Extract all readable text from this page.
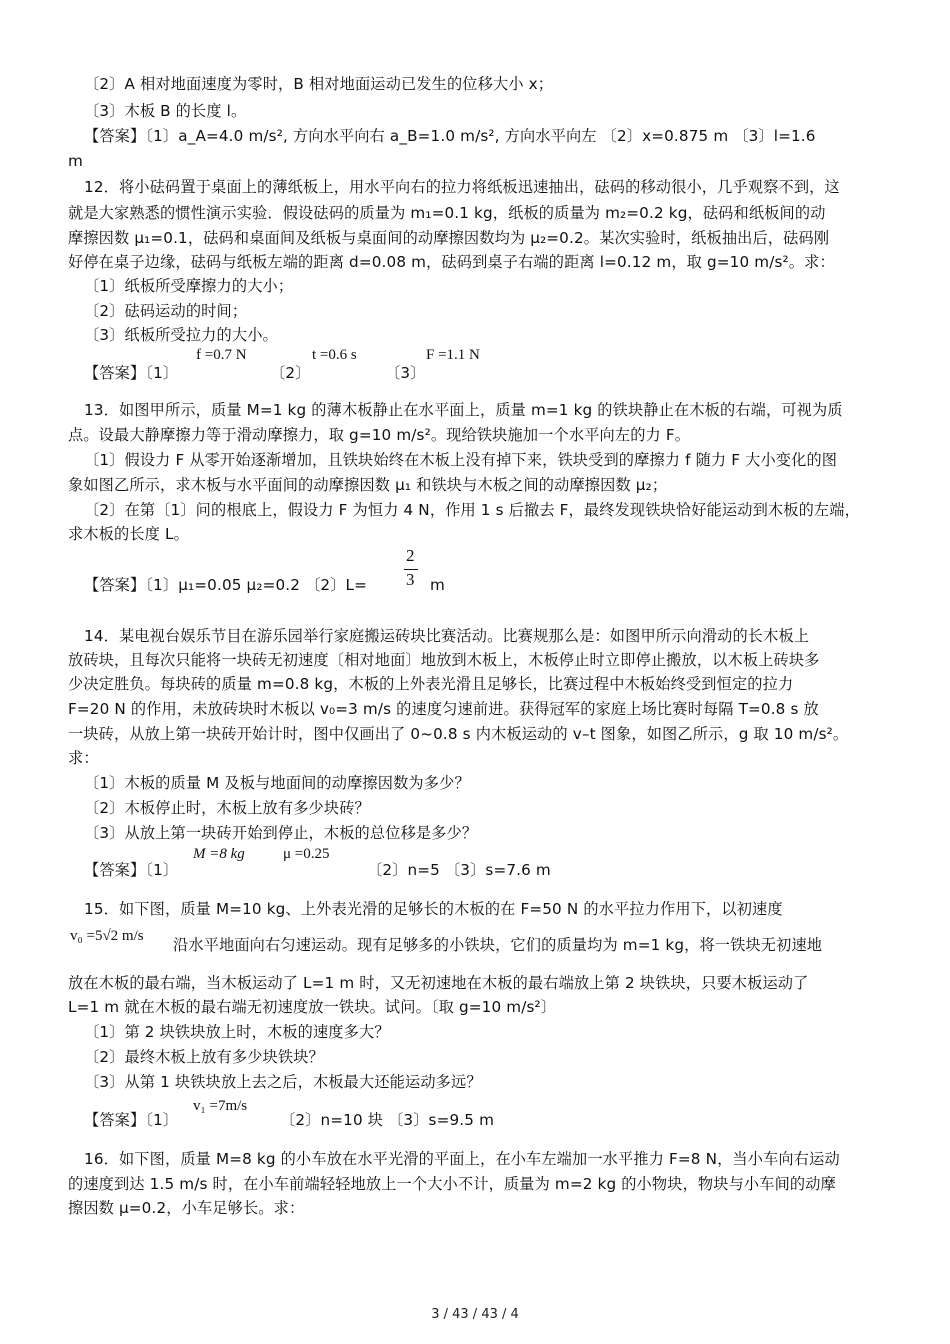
〔2〕A 相对地面速度为零时，B 相对地面运动已发生的位移大小 x；
〔3〕木板 B 的长度 l。
【答案】〔1〕a_A=4.0 m/s², 方向水平向右 a_B=1.0 m/s², 方向水平向左 〔2〕x=0.875 m 〔3〕l=1.6
m
12．将小砝码置于桌面上的薄纸板上，用水平向右的拉力将纸板迅速抽出，砝码的移动很小，几乎观察不到，这
就是大家熟悉的惯性演示实验．假设砝码的质量为 m₁=0.1 kg，纸板的质量为 m₂=0.2 kg，砝码和纸板间的动
摩擦因数 μ₁=0.1，砝码和桌面间及纸板与桌面间的动摩擦因数均为 μ₂=0.2。某次实验时，纸板抽出后，砝码刚
好停在桌子边缘，砝码与纸板左端的距离 d=0.08 m，砝码到桌子右端的距离 l=0.12 m，取 g=10 m/s²。求：
〔1〕纸板所受摩擦力的大小；
〔2〕砝码运动的时间；
〔3〕纸板所受拉力的大小。
【答案】〔1〕
f =0.7 N
〔2〕
t =0.6 s
〔3〕
F =1.1 N
13．如图甲所示，质量 M=1 kg 的薄木板静止在水平面上，质量 m=1 kg 的铁块静止在木板的右端，可视为质
点。设最大静摩擦力等于滑动摩擦力，取 g=10 m/s²。现给铁块施加一个水平向左的力 F。
〔1〕假设力 F 从零开始逐渐增加，且铁块始终在木板上没有掉下来，铁块受到的摩擦力 f 随力 F 大小变化的图
象如图乙所示，求木板与水平面间的动摩擦因数 μ₁ 和铁块与木板之间的动摩擦因数 μ₂；
〔2〕在第〔1〕问的根底上，假设力 F 为恒力 4 N，作用 1 s 后撤去 F，最终发现铁块恰好能运动到木板的左端，
求木板的长度 L。
【答案】〔1〕μ₁=0.05 μ₂=0.2 〔2〕L=
2
3 m
14．某电视台娱乐节目在游乐园举行家庭搬运砖块比赛活动。比赛规那么是：如图甲所示向滑动的长木板上
放砖块，且每次只能将一块砖无初速度〔相对地面〕地放到木板上，木板停止时立即停止搬放，以木板上砖块多
少决定胜负。每块砖的质量 m=0.8 kg，木板的上外表光滑且足够长，比赛过程中木板始终受到恒定的拉力
F=20 N 的作用，未放砖块时木板以 v₀=3 m/s 的速度匀速前进。获得冠军的家庭上场比赛时每隔 T=0.8 s 放
一块砖，从放上第一块砖开始计时，图中仅画出了 0~0.8 s 内木板运动的 v–t 图象，如图乙所示，g 取 10 m/s²。
求：
〔1〕木板的质量 M 及板与地面间的动摩擦因数为多少？
〔2〕木板停止时，木板上放有多少块砖？
〔3〕从放上第一块砖开始到停止，木板的总位移是多少？
【答案】〔1〕
M =8 kg	μ =0.25
〔2〕n=5 〔3〕s=7.6 m
15．如下图，质量 M=10 kg、上外表光滑的足够长的木板的在 F=50 N 的水平拉力作用下，以初速度
v₀ =5√2 m/s 沿水平地面向右匀速运动。现有足够多的小铁块，它们的质量均为 m=1 kg，将一铁块无初速地
放在木板的最右端，当木板运动了 L=1 m 时，又无初速地在木板的最右端放上第 2 块铁块，只要木板运动了
L=1 m 就在木板的最右端无初速度放一铁块。试问。〔取 g=10 m/s²〕
〔1〕第 2 块铁块放上时，木板的速度多大？
〔2〕最终木板上放有多少块铁块？
〔3〕从第 1 块铁块放上去之后，木板最大还能运动多远？
【答案】〔1〕
v₁ =7m/s
〔2〕n=10 块 〔3〕s=9.5 m
16．如下图，质量 M=8 kg 的小车放在水平光滑的平面上，在小车左端加一水平推力 F=8 N，当小车向右运动
的速度到达 1.5 m/s 时，在小车前端轻轻地放上一个大小不计，质量为 m=2 kg 的小物块，物块与小车间的动摩
擦因数 μ=0.2，小车足够长。求：
3 / 43 / 43 / 4
